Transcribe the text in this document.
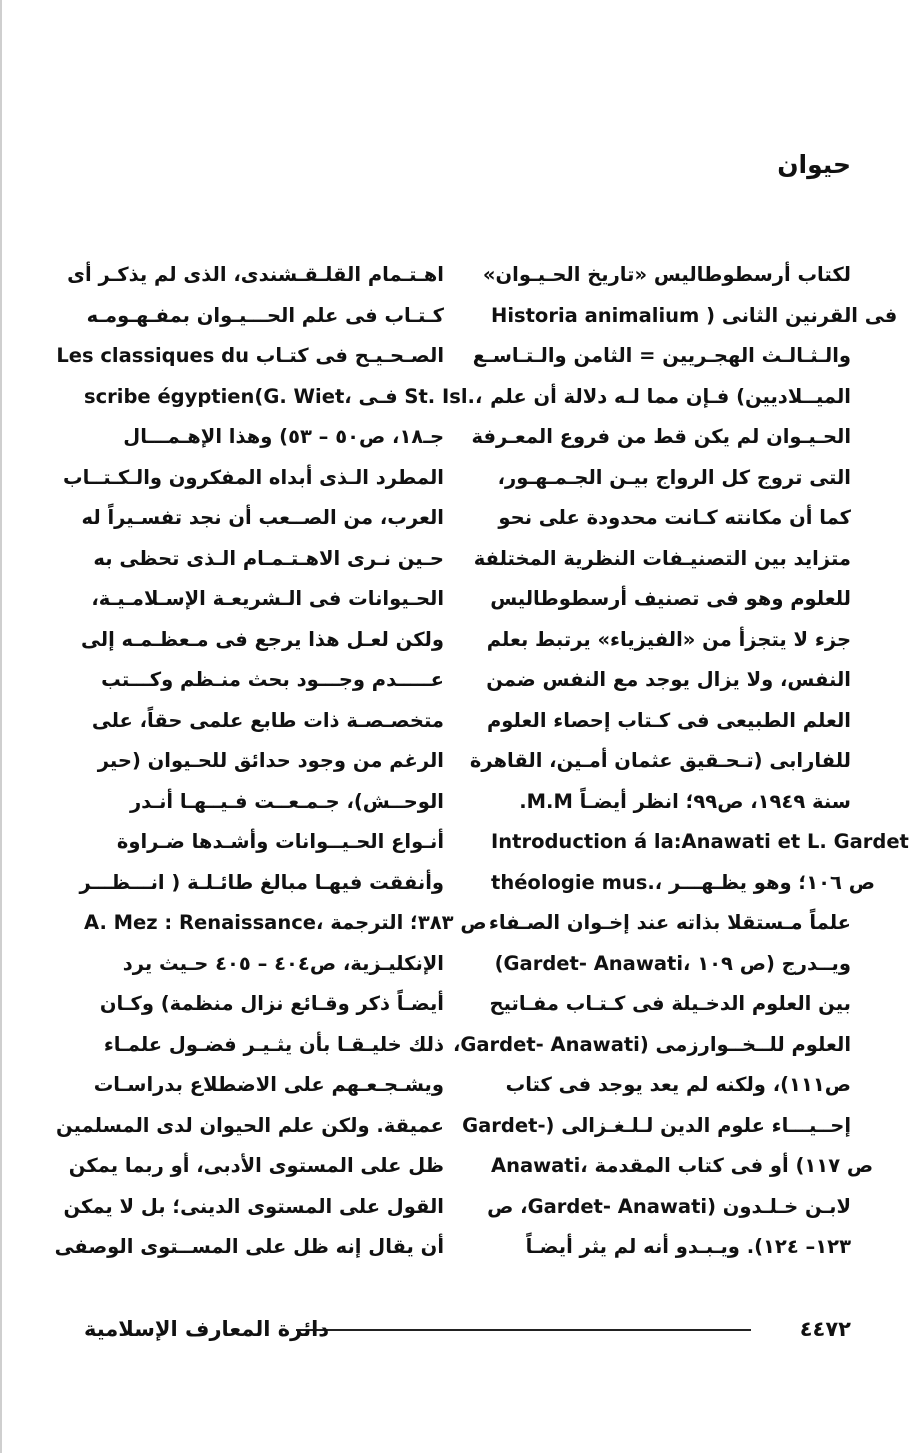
حيوان
لكتاب أرسطوطاليس «تاريخ الحـيـوان»
Historia animalium ) فى القرنين الثانى
والـثـالـث الهجـريين = الثامن والـتـاسـع
الميــلاديين) فـإن مما لـه دلالة أن علم
الحـيـوان لم يكن قط من فروع المعـرفة
التى تروج كل الرواج بيـن الجـمـهـور،
كما أن مكانته كـانت محدودة على نحو
متزايد بين التصنيـفات النظرية المختلفة
للعلوم وهو فى تصنيف أرسطوطاليس
جزء لا يتجزأ من «الفيزياء» يرتبط بعلم
النفس، ولا يزال يوجد مع النفس ضمن
العلم الطبيعى فى كـتاب إحصاء العلوم
للفارابى (تـحـقيق عثمان أمـين، القاهرة
سنة ١٩٤٩، ص٩٩؛ انظر أيضـاً M.M.
Introduction á la:Anawati et L. Gardet
théologie mus.، ص ١٠٦؛ وهو يظـهـــر
علماً مـستقلا بذاته عند إخـوان الصـفاء
(Gardet- Anawati، ص ١٠٩) ويــدرج
بين العلوم الدخـيلة فى كـتـاب مفـاتيح
العلوم للــخــوارزمى (Gardet- Anawati،
ص١١١)، ولكنه لم يعد يوجد فى كتاب
إحــيـــاء علوم الدين لـلـغـزالى (-Gardet
Anawati، ص ١١٧) أو فى كتاب المقدمة
لابـن خـلـدون (Gardet- Anawati، ص
١٢٣– ١٢٤). ويـبـدو أنه لم يثر أيضـاً
اهـتـمام القلـقـشندى، الذى لم يذكـر أى
كـتـاب فى علم الحـــيـوان بمفـهـومـه
الصـحـيـح فى كتـاب Les classiques du
scribe égyptien(G. Wiet، فـى St. Isl.،
جـ١٨، ص٥٠ – ٥٣) وهذا الإهـمـــال
المطرد الـذى أبداه المفكرون والـكـتــاب
العرب، من الصــعب أن نجد تفسـيراً له
حـين نـرى الاهـتـمـام الـذى تحظى به
الحـيوانات فى الـشريعـة الإسـلامـيـة،
ولكن لعـل هذا يرجع فى مـعظـمـه إلى
عـــــدم وجـــود بحث منـظم وكـــتب
متخصـصـة ذات طابع علمى حقاً، على
الرغم من وجود حدائق للحـيوان (حير
الوحــش)، جـمـعــت فـيــهـا أنـدر
أنـواع الحـيــوانات وأشـدها ضـراوة
وأنفقت فيهـا مبالغ طائـلـة ( انـــظـــر
A. Mez : Renaissance، ص ٣٨٣؛ الترجمة
الإنكليـزية، ص٤٠٤ – ٤٠٥ حـيث يرد
أيضـاً ذكر وقـائع نزال منظمة) وكـان
ذلك خليـقـا بأن يثـيـر فضـول علمـاء
ويشـجـعـهم على الاضطلاع بدراسـات
عميقة. ولكن علم الحيوان لدى المسلمين
ظل على المستوى الأدبى، أو ربما يمكن
القول على المستوى الدينى؛ بل لا يمكن
أن يقال إنه ظل على المســتوى الوصفى
٤٤٧٢
دائرة المعارف الإسلامية
